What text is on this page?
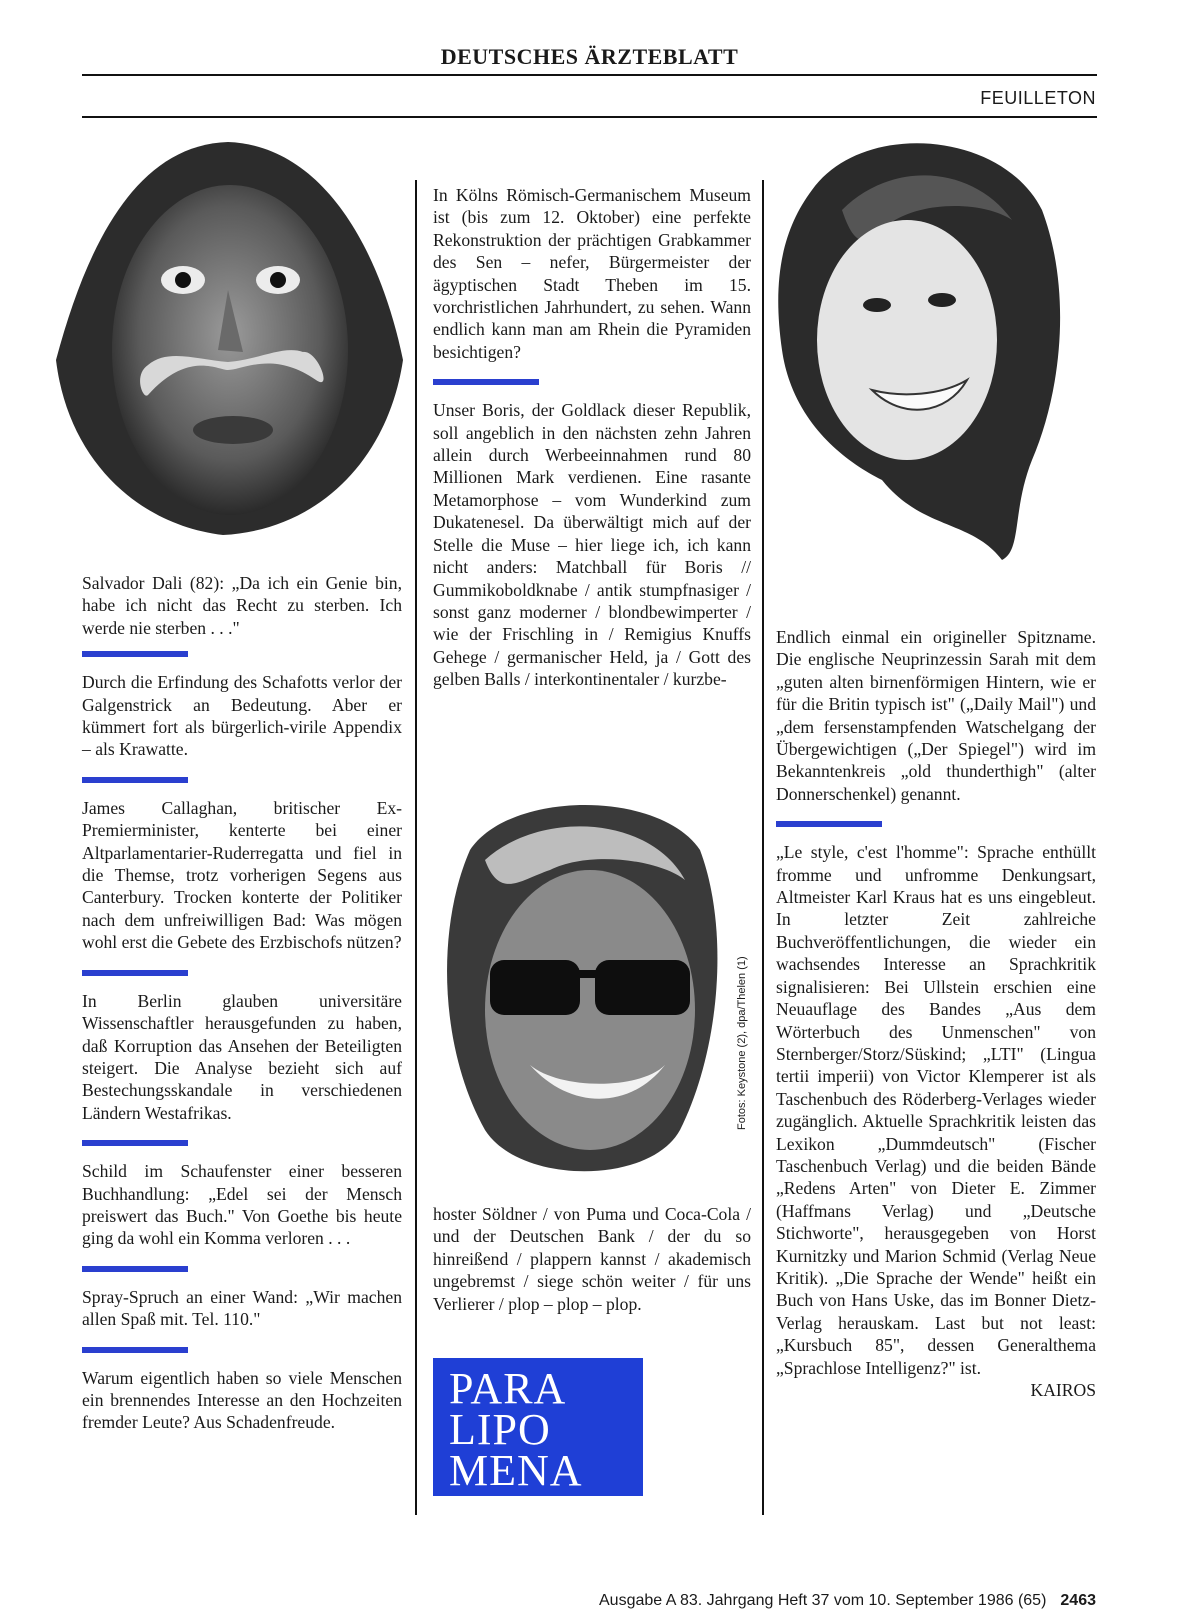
DEUTSCHES ÄRZTEBLATT
FEUILLETON

Salvador Dali (82): „Da ich ein Genie bin, habe ich nicht das Recht zu sterben. Ich werde nie sterben . . ."

Durch die Erfindung des Schafotts verlor der Galgenstrick an Bedeutung. Aber er kümmert fort als bürgerlich-virile Appendix – als Krawatte.

James Callaghan, britischer Ex-Premierminister, kenterte bei einer Altparlamentarier-Ruderregatta und fiel in die Themse, trotz vorherigen Segens aus Canterbury. Trocken konterte der Politiker nach dem unfreiwilligen Bad: Was mögen wohl erst die Gebete des Erzbischofs nützen?

In Berlin glauben universitäre Wissenschaftler herausgefunden zu haben, daß Korruption das Ansehen der Beteiligten steigert. Die Analyse bezieht sich auf Bestechungsskandale in verschiedenen Ländern Westafrikas.

Schild im Schaufenster einer besseren Buchhandlung: „Edel sei der Mensch preiswert das Buch." Von Goethe bis heute ging da wohl ein Komma verloren . . .

Spray-Spruch an einer Wand: „Wir machen allen Spaß mit. Tel. 110."

Warum eigentlich haben so viele Menschen ein brennendes Interesse an den Hochzeiten fremder Leute? Aus Schadenfreude.

In Kölns Römisch-Germanischem Museum ist (bis zum 12. Oktober) eine perfekte Rekonstruktion der prächtigen Grabkammer des Sen – nefer, Bürgermeister der ägyptischen Stadt Theben im 15. vorchristlichen Jahrhundert, zu sehen. Wann endlich kann man am Rhein die Pyramiden besichtigen?

Unser Boris, der Goldlack dieser Republik, soll angeblich in den nächsten zehn Jahren allein durch Werbeeinnahmen rund 80 Millionen Mark verdienen. Eine rasante Metamorphose – vom Wunderkind zum Dukatenesel. Da überwältigt mich auf der Stelle die Muse – hier liege ich, ich kann nicht anders: Matchball für Boris // Gummikoboldknabe / antik stumpfnasiger / sonst ganz moderner / blondbewimperter / wie der Frischling in / Remigius Knuffs Gehege / germanischer Held, ja / Gott des gelben Balls / interkontinentaler / kurzbe-

Fotos: Keystone (2), dpa/Thelen (1)

hoster Söldner / von Puma und Coca-Cola / und der Deutschen Bank / der du so hinreißend / plappern kannst / akademisch ungebremst / siege schön weiter / für uns Verlierer / plop – plop – plop.

PARA
LIPO
MENA

Endlich einmal ein origineller Spitzname. Die englische Neuprinzessin Sarah mit dem „guten alten birnenförmigen Hintern, wie er für die Britin typisch ist" („Daily Mail") und „dem fersenstampfenden Watschelgang der Übergewichtigen („Der Spiegel") wird im Bekanntenkreis „old thunderthigh" (alter Donnerschenkel) genannt.

„Le style, c'est l'homme": Sprache enthüllt fromme und unfromme Denkungsart, Altmeister Karl Kraus hat es uns eingebleut. In letzter Zeit zahlreiche Buchveröffentlichungen, die wieder ein wachsendes Interesse an Sprachkritik signalisieren: Bei Ullstein erschien eine Neuauflage des Bandes „Aus dem Wörterbuch des Unmenschen" von Sternberger/Storz/Süskind; „LTI" (Lingua tertii imperii) von Victor Klemperer ist als Taschenbuch des Röderberg-Verlages wieder zugänglich. Aktuelle Sprachkritik leisten das Lexikon „Dummdeutsch" (Fischer Taschenbuch Verlag) und die beiden Bände „Redens Arten" von Dieter E. Zimmer (Haffmans Verlag) und „Deutsche Stichworte", herausgegeben von Horst Kurnitzky und Marion Schmid (Verlag Neue Kritik). „Die Sprache der Wende" heißt ein Buch von Hans Uske, das im Bonner Dietz-Verlag herauskam. Last but not least: „Kursbuch 85", dessen Generalthema „Sprachlose Intelligenz?" ist.

KAIROS

Ausgabe A 83. Jahrgang Heft 37 vom 10. September 1986 (65) 2463
